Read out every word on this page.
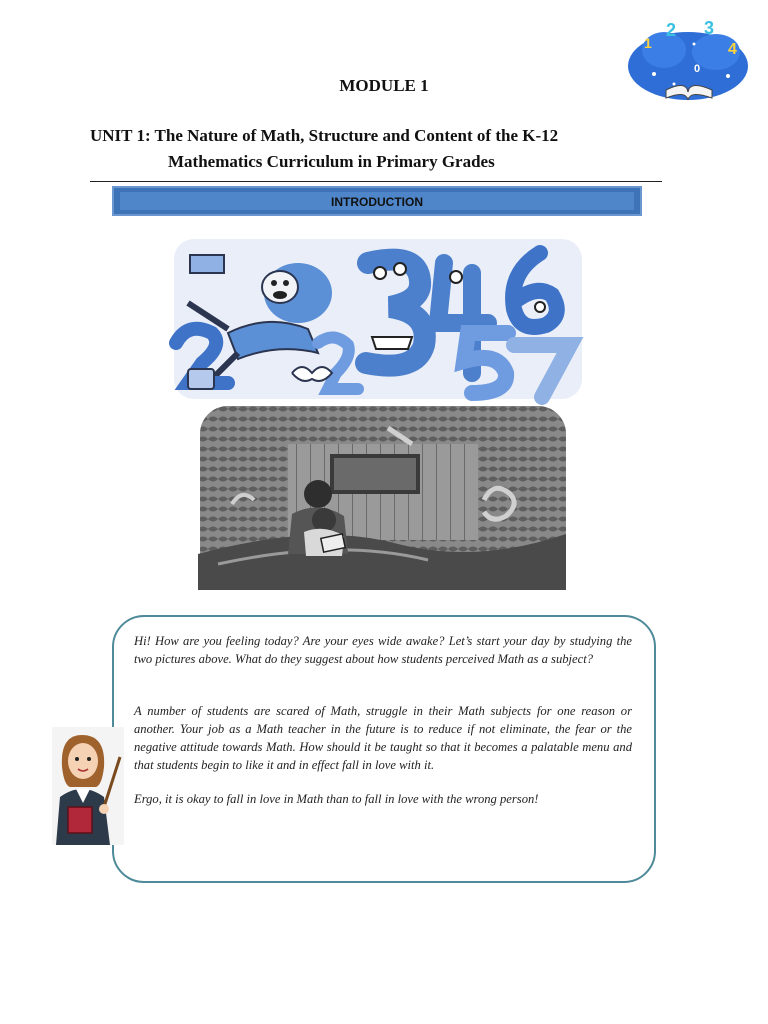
1
2 3
4
0
MODULE 1
UNIT 1: The Nature of Math, Structure and Content of the K-12
Mathematics Curriculum in Primary Grades
INTRODUCTION

Hi! How are you feeling today? Are your eyes wide awake? Let’s start your day by studying the two pictures above. What do they suggest about how students perceived Math as a subject?

A number of students are scared of Math, struggle in their Math subjects for one reason or another. Your job as a Math teacher in the future is to reduce if not eliminate, the fear or the negative attitude towards Math. How should it be taught so that it becomes a palatable menu and that students begin to like it and in effect fall in love with it.

Ergo, it is okay to fall in love in Math than to fall in love with the wrong person!
